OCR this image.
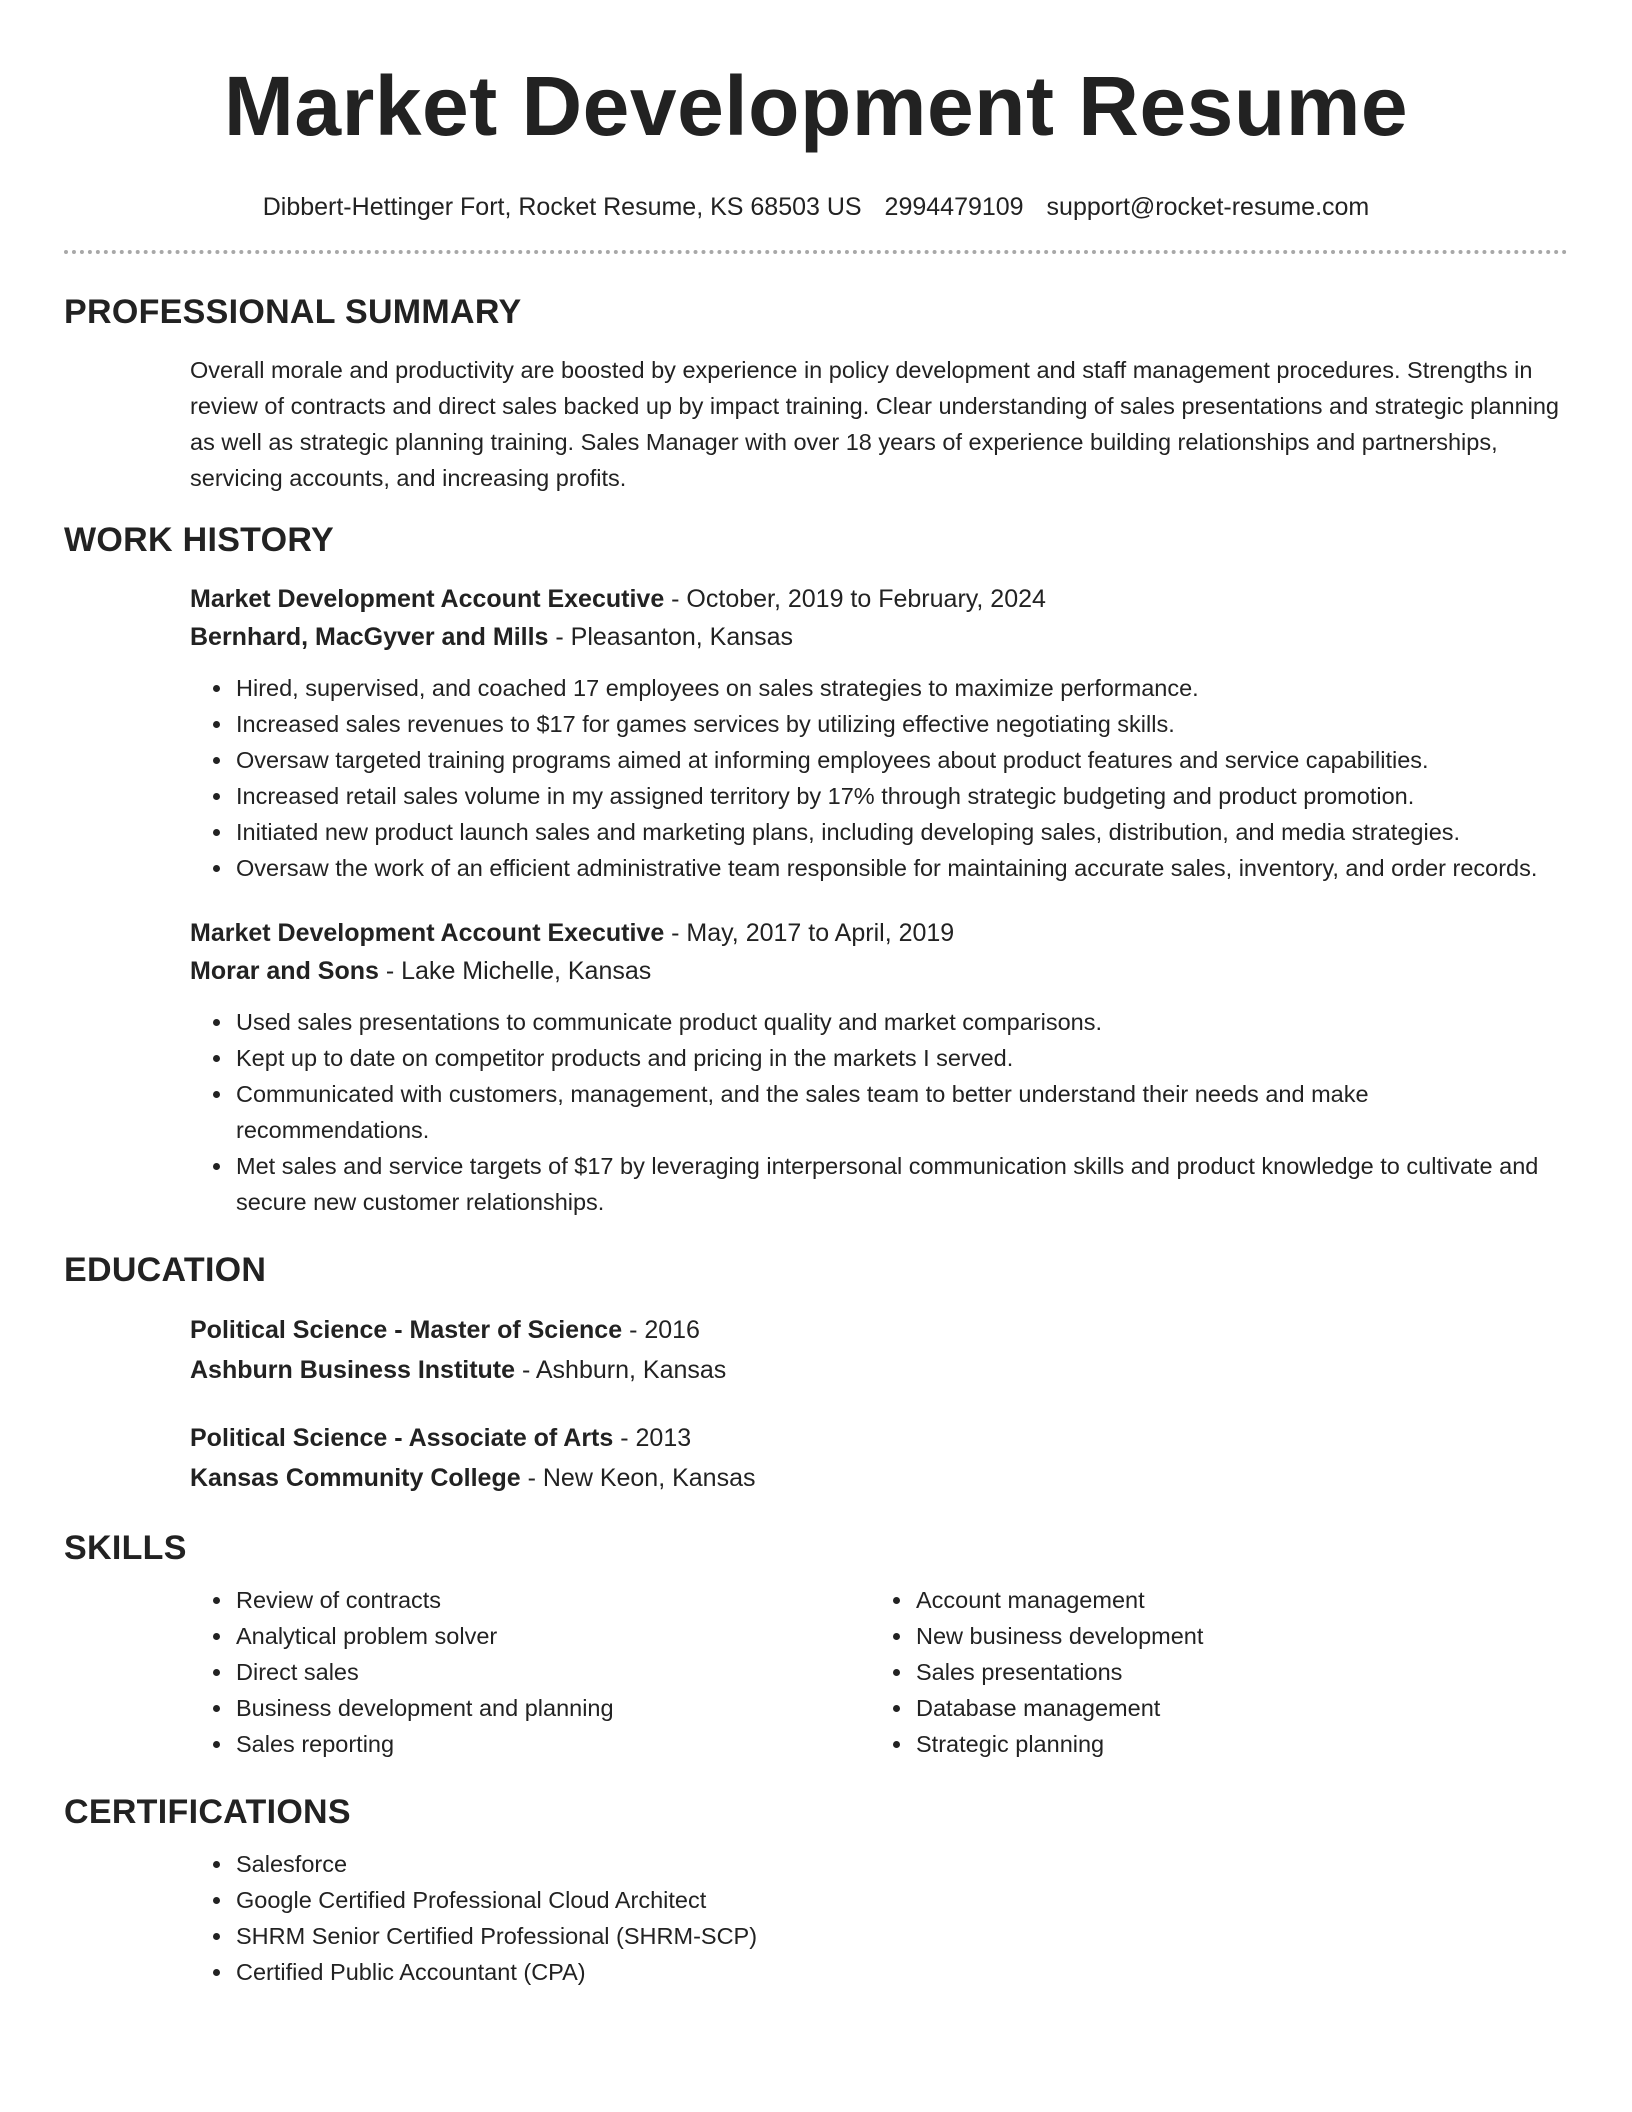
Market Development Resume
Dibbert-Hettinger Fort, Rocket Resume, KS 68503 US 2994479109 support@rocket-resume.com
PROFESSIONAL SUMMARY

Overall morale and productivity are boosted by experience in policy development and staff management procedures. Strengths in review of contracts and direct sales backed up by impact training. Clear understanding of sales presentations and strategic planning as well as strategic planning training. Sales Manager with over 18 years of experience building relationships and partnerships, servicing accounts, and increasing profits.

WORK HISTORY
Market Development Account Executive - October, 2019 to February, 2024
Bernhard, MacGyver and Mills - Pleasanton, Kansas
• Hired, supervised, and coached 17 employees on sales strategies to maximize performance.
• Increased sales revenues to $17 for games services by utilizing effective negotiating skills.
• Oversaw targeted training programs aimed at informing employees about product features and service capabilities.
• Increased retail sales volume in my assigned territory by 17% through strategic budgeting and product promotion.
• Initiated new product launch sales and marketing plans, including developing sales, distribution, and media strategies.
• Oversaw the work of an efficient administrative team responsible for maintaining accurate sales, inventory, and order records.
Market Development Account Executive - May, 2017 to April, 2019
Morar and Sons - Lake Michelle, Kansas
• Used sales presentations to communicate product quality and market comparisons.
• Kept up to date on competitor products and pricing in the markets I served.
• Communicated with customers, management, and the sales team to better understand their needs and make recommendations.
• Met sales and service targets of $17 by leveraging interpersonal communication skills and product knowledge to cultivate and secure new customer relationships.
EDUCATION
Political Science - Master of Science - 2016
Ashburn Business Institute - Ashburn, Kansas
Political Science - Associate of Arts - 2013
Kansas Community College - New Keon, Kansas
SKILLS
• Review of contracts
• Analytical problem solver
• Direct sales
• Business development and planning
• Sales reporting
• Account management
• New business development
• Sales presentations
• Database management
• Strategic planning
CERTIFICATIONS
• Salesforce
• Google Certified Professional Cloud Architect
• SHRM Senior Certified Professional (SHRM-SCP)
• Certified Public Accountant (CPA)
